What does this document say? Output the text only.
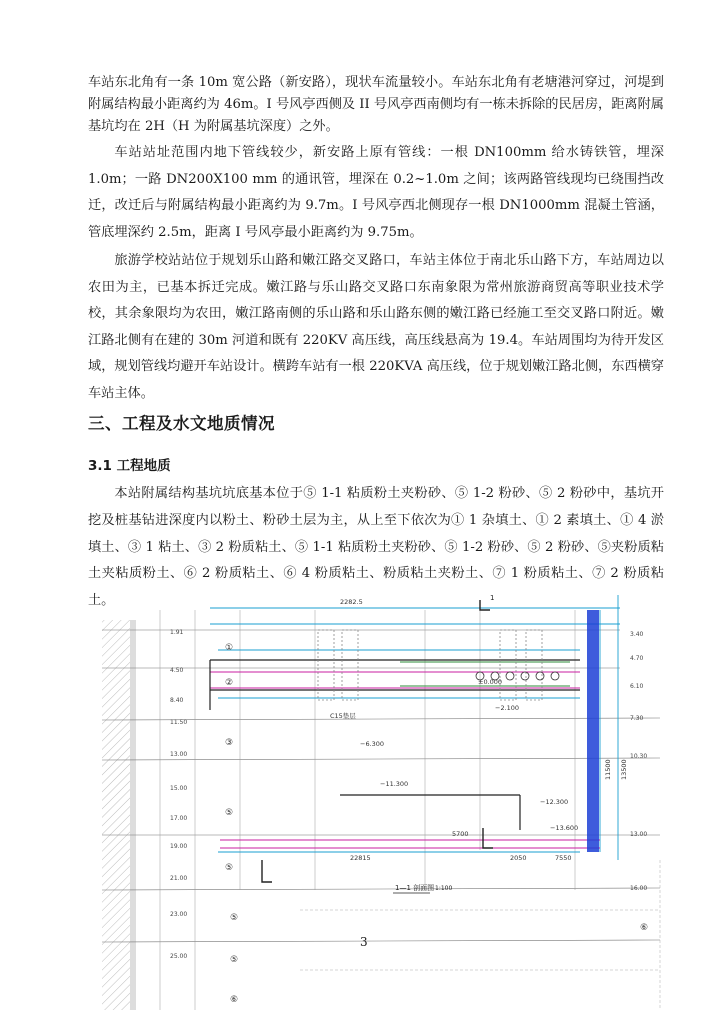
车站东北角有一条 10m 宽公路（新安路），现状车流量较小。车站东北角有老塘港河穿过，河堤到附属结构最小距离约为 46m。I 号风亭西侧及 II 号风亭西南侧均有一栋未拆除的民居房，距离附属基坑均在 2H（H 为附属基坑深度）之外。

车站站址范围内地下管线较少，新安路上原有管线：一根 DN100mm 给水铸铁管，埋深 1.0m；一路 DN200X100 mm 的通讯管，埋深在 0.2~1.0m 之间；该两路管线现均已绕围挡改迁，改迁后与附属结构最小距离约为 9.7m。I 号风亭西北侧现存一根 DN1000mm 混凝土管涵，管底埋深约 2.5m，距离 I 号风亭最小距离约为 9.75m。

旅游学校站站位于规划乐山路和嫩江路交叉路口，车站主体位于南北乐山路下方，车站周边以农田为主，已基本拆迁完成。嫩江路与乐山路交叉路口东南象限为常州旅游商贸高等职业技术学校，其余象限均为农田，嫩江路南侧的乐山路和乐山路东侧的嫩江路已经施工至交叉路口附近。嫩江路北侧有在建的 30m 河道和既有 220KV 高压线，高压线悬高为 19.4。车站周围均为待开发区域，规划管线均避开车站设计。横跨车站有一根 220KVA 高压线，位于规划嫩江路北侧，东西横穿车站主体。

三、工程及水文地质情况
3.1 工程地质

本站附属结构基坑坑底基本位于⑤ 1-1 粘质粉土夹粉砂、⑤ 1-2 粉砂、⑤ 2 粉砂中，基坑开挖及桩基钻进深度内以粉土、粉砂土层为主，从上至下依次为① 1 杂填土、① 2 素填土、① 4 淤填土、③ 1 粘土、③ 2 粉质粘土、⑤ 1-1 粘质粉土夹粉砂、⑤ 1-2 粉砂、⑤ 2 粉砂、⑤夹粉质粘土夹粘质粉土、⑥ 2 粉质粘土、⑥ 4 粉质粘土、粉质粘土夹粉土、⑦ 1 粉质粘土、⑦ 2 粉质粘土。

±0.000
−2.100
−6.300
−11.300
−12.300
−13.600
C15垫层
5700
2282.5
22815	2050	7550
11500 13500
1.91
4.50
8.40
11.50
13.00
15.00
17.00
19.00
21.00
23.00
25.00
3.40
4.70
6.10
7.30
10.30
13.00
16.00
①
②
③
⑤
⑤
⑤
⑤
⑥
⑥
1
1—1 剖面图 1:100
3
